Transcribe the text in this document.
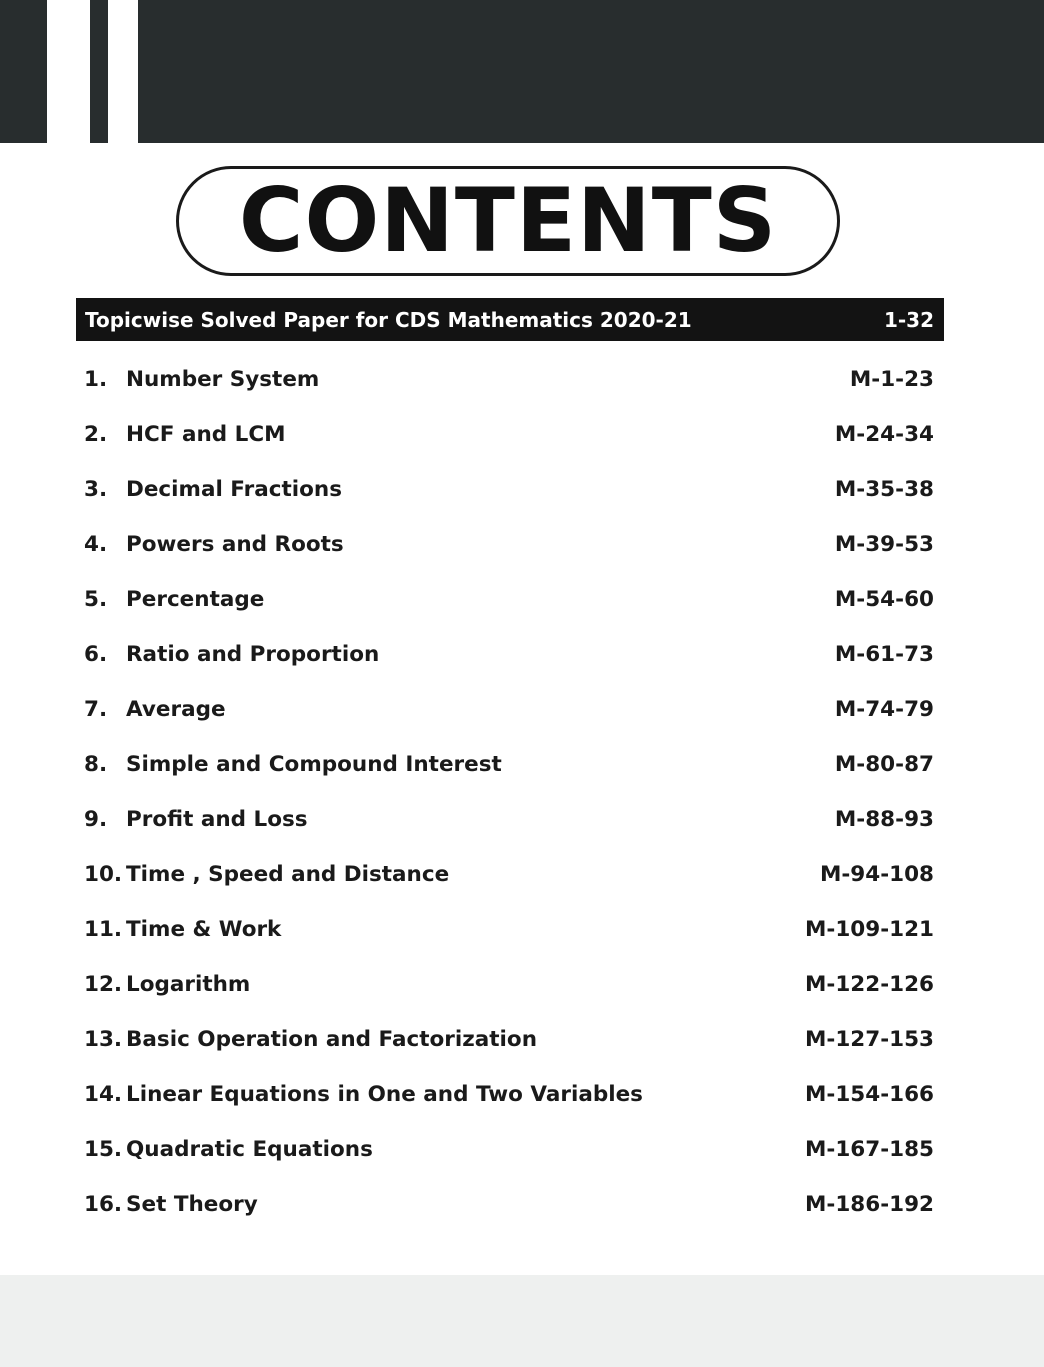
CONTENTS
Topicwise Solved Paper for CDS Mathematics 2020-21	1-32
1. Number System	M-1-23
2. HCF and LCM	M-24-34
3. Decimal Fractions	M-35-38
4. Powers and Roots	M-39-53
5. Percentage	M-54-60
6. Ratio and Proportion	M-61-73
7. Average	M-74-79
8. Simple and Compound Interest	M-80-87
9. Profit and Loss	M-88-93
10. Time , Speed and Distance	M-94-108
11. Time & Work	M-109-121
12. Logarithm	M-122-126
13. Basic Operation and Factorization	M-127-153
14. Linear Equations in One and Two Variables	M-154-166
15. Quadratic Equations	M-167-185
16. Set Theory	M-186-192
